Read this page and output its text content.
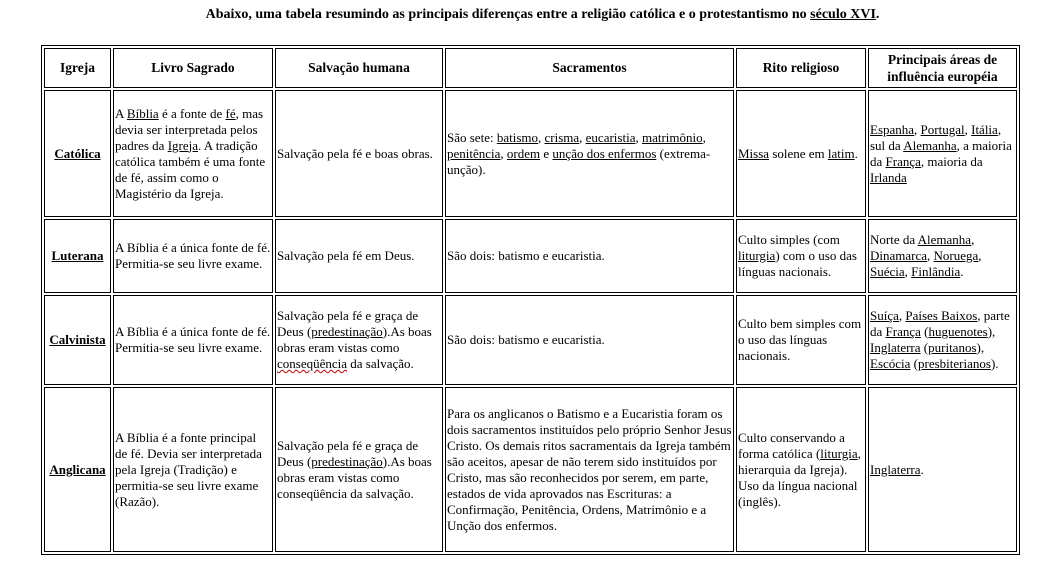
Abaixo, uma tabela resumindo as principais diferenças entre a religião católica e o protestantismo no século XVI.
Igreja	Livro Sagrado	Salvação humana	Sacramentos	Rito religioso	Principais áreas de influência européia
Católica	A Bíblia é a fonte de fé, mas devia ser interpretada pelos padres da Igreja. A tradição católica também é uma fonte de fé, assim como o Magistério da Igreja.	Salvação pela fé e boas obras.	São sete: batismo, crisma, eucaristia, matrimônio, penitência, ordem e unção dos enfermos (extrema-unção).	Missa solene em latim.	Espanha, Portugal, Itália, sul da Alemanha, a maioria da França, maioria da Irlanda
Luterana	A Bíblia é a única fonte de fé. Permitia-se seu livre exame.	Salvação pela fé em Deus.	São dois: batismo e eucaristia.	Culto simples (com liturgia) com o uso das línguas nacionais.	Norte da Alemanha, Dinamarca, Noruega, Suécia, Finlândia.
Calvinista	A Bíblia é a única fonte de fé. Permitia-se seu livre exame.	Salvação pela fé e graça de Deus (predestinação).As boas obras eram vistas como conseqüência da salvação.	São dois: batismo e eucaristia.	Culto bem simples com o uso das línguas nacionais.	Suíça, Países Baixos, parte da França (huguenotes), Inglaterra (puritanos), Escócia (presbiterianos).
Anglicana	A Bíblia é a fonte principal de fé. Devia ser interpretada pela Igreja (Tradição) e permitia-se seu livre exame (Razão).	Salvação pela fé e graça de Deus (predestinação).As boas obras eram vistas como conseqüência da salvação.	Para os anglicanos o Batismo e a Eucaristia foram os dois sacramentos instituídos pelo próprio Senhor Jesus Cristo. Os demais ritos sacramentais da Igreja também são aceitos, apesar de não terem sido instituídos por Cristo, mas são reconhecidos por serem, em parte, estados de vida aprovados nas Escrituras: a Confirmação, Penitência, Ordens, Matrimônio e a Unção dos enfermos.	Culto conservando a forma católica (liturgia, hierarquia da Igreja). Uso da língua nacional (inglês).	Inglaterra.
